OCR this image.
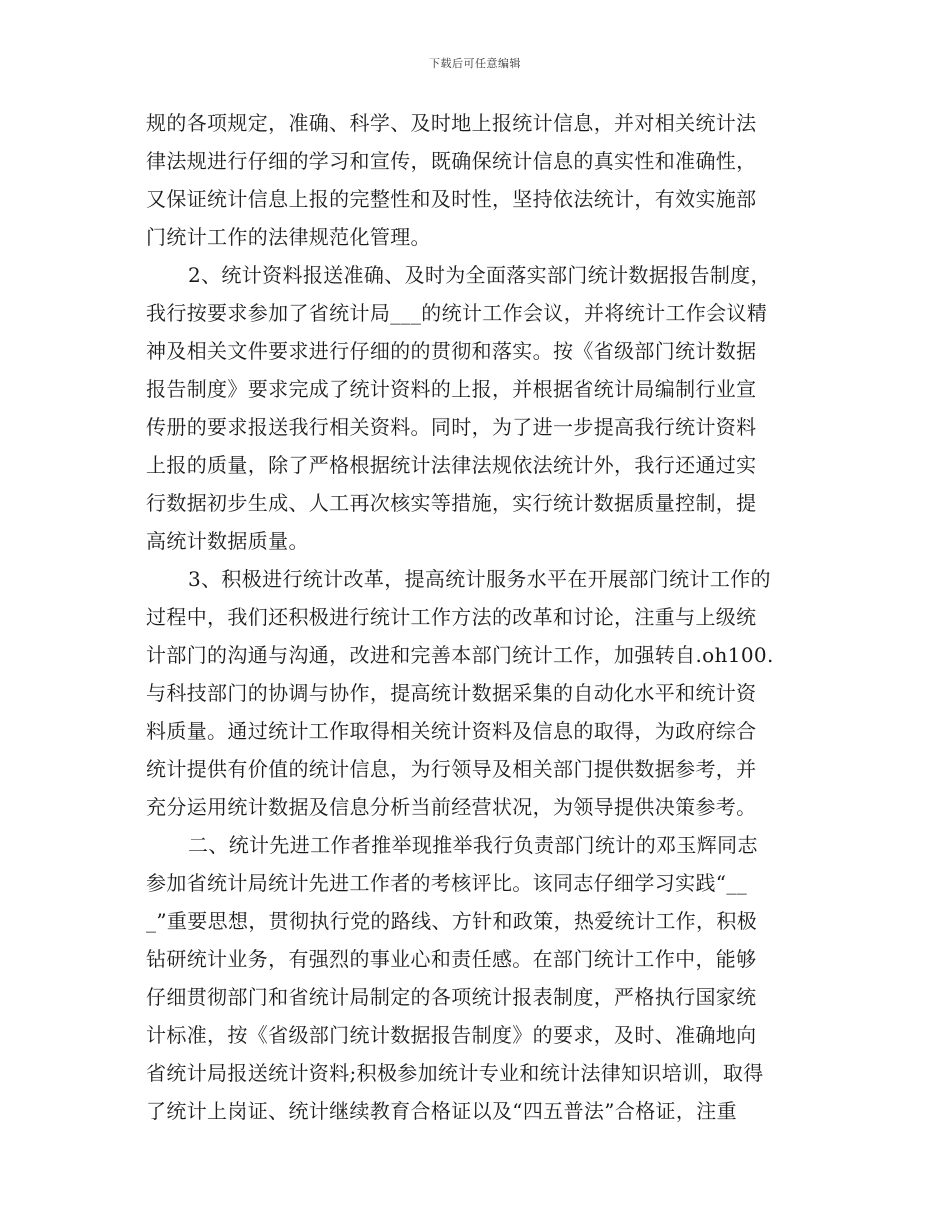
下载后可任意编辑
规的各项规定，准确、科学、及时地上报统计信息，并对相关统计法
律法规进行仔细的学习和宣传，既确保统计信息的真实性和准确性，
又保证统计信息上报的完整性和及时性，坚持依法统计，有效实施部
门统计工作的法律规范化管理。
2、统计资料报送准确、及时为全面落实部门统计数据报告制度，
我行按要求参加了省统计局___的统计工作会议，并将统计工作会议精
神及相关文件要求进行仔细的的贯彻和落实。按《省级部门统计数据
报告制度》要求完成了统计资料的上报，并根据省统计局编制行业宣
传册的要求报送我行相关资料。同时，为了进一步提高我行统计资料
上报的质量，除了严格根据统计法律法规依法统计外，我行还通过实
行数据初步生成、人工再次核实等措施，实行统计数据质量控制，提
高统计数据质量。
3、积极进行统计改革，提高统计服务水平在开展部门统计工作的
过程中，我们还积极进行统计工作方法的改革和讨论，注重与上级统
计部门的沟通与沟通，改进和完善本部门统计工作，加强转自.oh100.
与科技部门的协调与协作，提高统计数据采集的自动化水平和统计资
料质量。通过统计工作取得相关统计资料及信息的取得，为政府综合
统计提供有价值的统计信息，为行领导及相关部门提供数据参考，并
充分运用统计数据及信息分析当前经营状况，为领导提供决策参考。
二、统计先进工作者推举现推举我行负责部门统计的邓玉辉同志
参加省统计局统计先进工作者的考核评比。该同志仔细学习实践“__
_”重要思想，贯彻执行党的路线、方针和政策，热爱统计工作，积极
钻研统计业务，有强烈的事业心和责任感。在部门统计工作中，能够
仔细贯彻部门和省统计局制定的各项统计报表制度，严格执行国家统
计标准，按《省级部门统计数据报告制度》的要求，及时、准确地向
省统计局报送统计资料;积极参加统计专业和统计法律知识培训，取得
了统计上岗证、统计继续教育合格证以及“四五普法”合格证，注重
